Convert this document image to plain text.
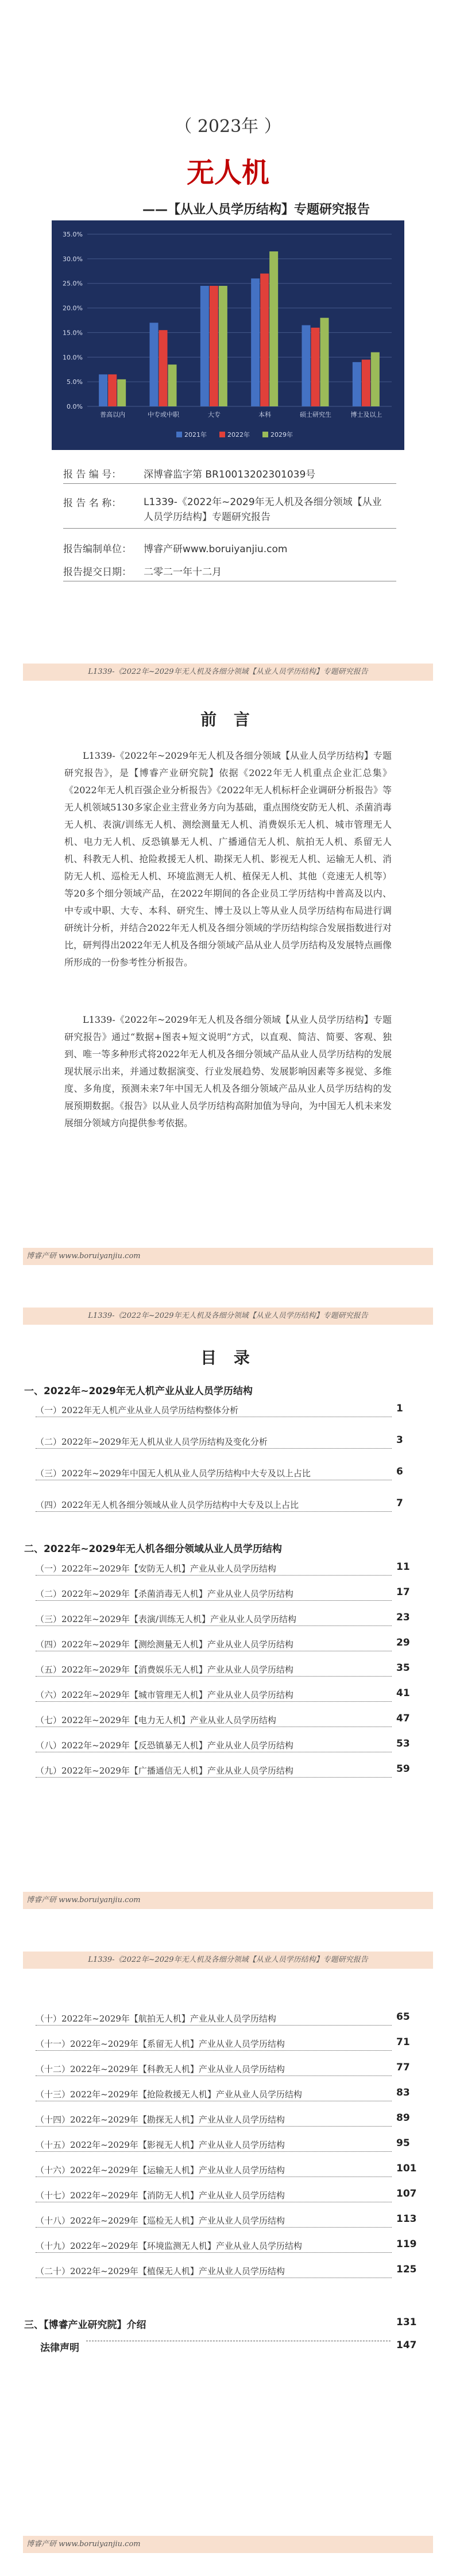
（ 2023年 ）
无人机
——【从业人员学历结构】专题研究报告
0.0%
5.0%
10.0%
15.0%
20.0%
25.0%
30.0%
35.0%
普高以内	中专或中职	大专	本科	硕士研究生	博士及以上
2021年	2022年	2029年
报 告 编 号： 深博睿监字第 BR10013202301039号
报 告 名 称： L1339-《2022年~2029年无人机及各细分领域【从业人员学历结构】专题研究报告
报告编制单位： 博睿产研www.boruiyanjiu.com
报告提交日期： 二零二一年十二月
L1339-《2022年~2029年无人机及各细分领域【从业人员学历结构】专题研究报告
前 言
L1339-《2022年~2029年无人机及各细分领域【从业人员学历结构】专题研究报告》，是【博睿产业研究院】依据《2022年无人机重点企业汇总集》《2022年无人机百强企业分析报告》《2022年无人机标杆企业调研分析报告》等无人机领域5130多家企业主营业务方向为基础，重点围绕安防无人机、杀菌消毒无人机、表演/训练无人机、测绘测量无人机、消费娱乐无人机、城市管理无人机、电力无人机、反恐镇暴无人机、广播通信无人机、航拍无人机、系留无人机、科教无人机、抢险救援无人机、勘探无人机、影视无人机、运输无人机、消防无人机、巡检无人机、环境监测无人机、植保无人机、其他（竞速无人机等）等20多个细分领域产品，在2022年期间的各企业员工学历结构中普高及以内、中专或中职、大专、本科、研究生、博士及以上等从业人员学历结构布局进行调研统计分析，并结合2022年无人机及各细分领域的学历结构综合发展指数进行对比，研判得出2022年无人机及各细分领域产品从业人员学历结构及发展特点画像所形成的一份参考性分析报告。
L1339-《2022年~2029年无人机及各细分领域【从业人员学历结构】专题研究报告》通过“数据+图表+短文说明”方式，以直观、简洁、简要、客观、独到、唯一等多种形式将2022年无人机及各细分领域产品从业人员学历结构的发展现状展示出来，并通过数据演变、行业发展趋势、发展影响因素等多视觉、多维度、多角度，预测未来7年中国无人机及各细分领域产品从业人员学历结构的发展预期数据。《报告》以从业人员学历结构高附加值为导向，为中国无人机未来发展细分领域方向提供参考依据。
博睿产研 www.boruiyanjiu.com
L1339-《2022年~2029年无人机及各细分领域【从业人员学历结构】专题研究报告
目 录
一、2022年~2029年无人机产业从业人员学历结构
（一）2022年无人机产业从业人员学历结构整体分析	1
（二）2022年~2029年无人机从业人员学历结构及变化分析	3
（三）2022年~2029年中国无人机从业人员学历结构中大专及以上占比	6
（四）2022年无人机各细分领域从业人员学历结构中大专及以上占比	7
二、2022年~2029年无人机各细分领域从业人员学历结构
（一）2022年~2029年【安防无人机】产业从业人员学历结构	11
（二）2022年~2029年【杀菌消毒无人机】产业从业人员学历结构	17
（三）2022年~2029年【表演/训练无人机】产业从业人员学历结构	23
（四）2022年~2029年【测绘测量无人机】产业从业人员学历结构	29
（五）2022年~2029年【消费娱乐无人机】产业从业人员学历结构	35
（六）2022年~2029年【城市管理无人机】产业从业人员学历结构	41
（七）2022年~2029年【电力无人机】产业从业人员学历结构	47
（八）2022年~2029年【反恐镇暴无人机】产业从业人员学历结构	53
（九）2022年~2029年【广播通信无人机】产业从业人员学历结构	59
博睿产研 www.boruiyanjiu.com
L1339-《2022年~2029年无人机及各细分领域【从业人员学历结构】专题研究报告
（十）2022年~2029年【航拍无人机】产业从业人员学历结构	65
（十一）2022年~2029年【系留无人机】产业从业人员学历结构	71
（十二）2022年~2029年【科教无人机】产业从业人员学历结构	77
（十三）2022年~2029年【抢险救援无人机】产业从业人员学历结构	83
（十四）2022年~2029年【勘探无人机】产业从业人员学历结构	89
（十五）2022年~2029年【影视无人机】产业从业人员学历结构	95
（十六）2022年~2029年【运输无人机】产业从业人员学历结构	101
（十七）2022年~2029年【消防无人机】产业从业人员学历结构	107
（十八）2022年~2029年【巡检无人机】产业从业人员学历结构	113
（十九）2022年~2029年【环境监测无人机】产业从业人员学历结构	119
（二十）2022年~2029年【植保无人机】产业从业人员学历结构	125
三、【博睿产业研究院】介绍	131
法律声明	147
博睿产研 www.boruiyanjiu.com
